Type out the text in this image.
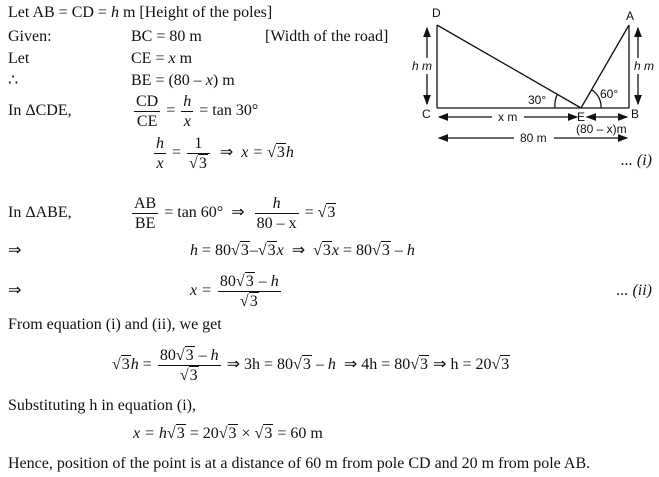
Let AB = CD = h m [Height of the poles]
Given:	BC = 80 m	[Width of the road]
Let	CE = x m
∴	BE = (80 – x) m
In ΔCDE,	$\frac{CD}{CE} = \frac{h}{x} = \tan 30^\circ$
$\frac{h}{x} = \frac{1}{√3}$ ⇒  x = √3h	... (i)
In ΔABE,	$\frac{AB}{BE} = \tan 60^\circ$  ⇒ $\frac{h}{80 - x} = √3$
⇒	h = 80√3–√3x  ⇒  √3x = 80√3 – h
⇒	$x = \frac{80√3 - h}{√3}$	... (ii)
From equation (i) and (ii), we get
$√3h = \frac{80√3 - h}{√3}$ ⇒ 3h = 80√3 – h ⇒ 4h = 80√3 ⇒ h = 20√3
Substituting h in equation (i),
x = h√3 = 20√3 × √3 = 60 m
Hence, position of the point is at a distance of 60 m from pole CD and 20 m from pole AB.
D	A
C	E	B
h m	h m
30°	60°
x m
(80 – x)m
80 m
